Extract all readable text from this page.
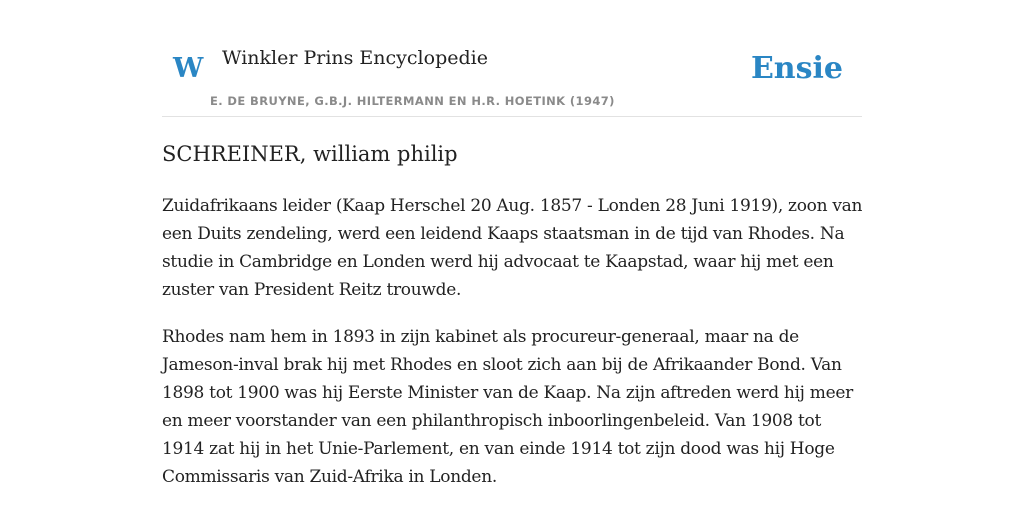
W Winkler Prins Encyclopedie
E. DE BRUYNE, G.B.J. HILTERMANN EN H.R. HOETINK (1947)
Ensie
SCHREINER, william philip

Zuidafrikaans leider (Kaap Herschel 20 Aug. 1857 - Londen 28 Juni 1919), zoon van een Duits zendeling, werd een leidend Kaaps staatsman in de tijd van Rhodes. Na studie in Cambridge en Londen werd hij advocaat te Kaapstad, waar hij met een zuster van President Reitz trouwde.

Rhodes nam hem in 1893 in zijn kabinet als procureur-generaal, maar na de Jameson-inval brak hij met Rhodes en sloot zich aan bij de Afrikaander Bond. Van 1898 tot 1900 was hij Eerste Minister van de Kaap. Na zijn aftreden werd hij meer en meer voorstander van een philanthropisch inboorlingenbeleid. Van 1908 tot 1914 zat hij in het Unie-Parlement, en van einde 1914 tot zijn dood was hij Hoge Commissaris van Zuid-Afrika in Londen.
